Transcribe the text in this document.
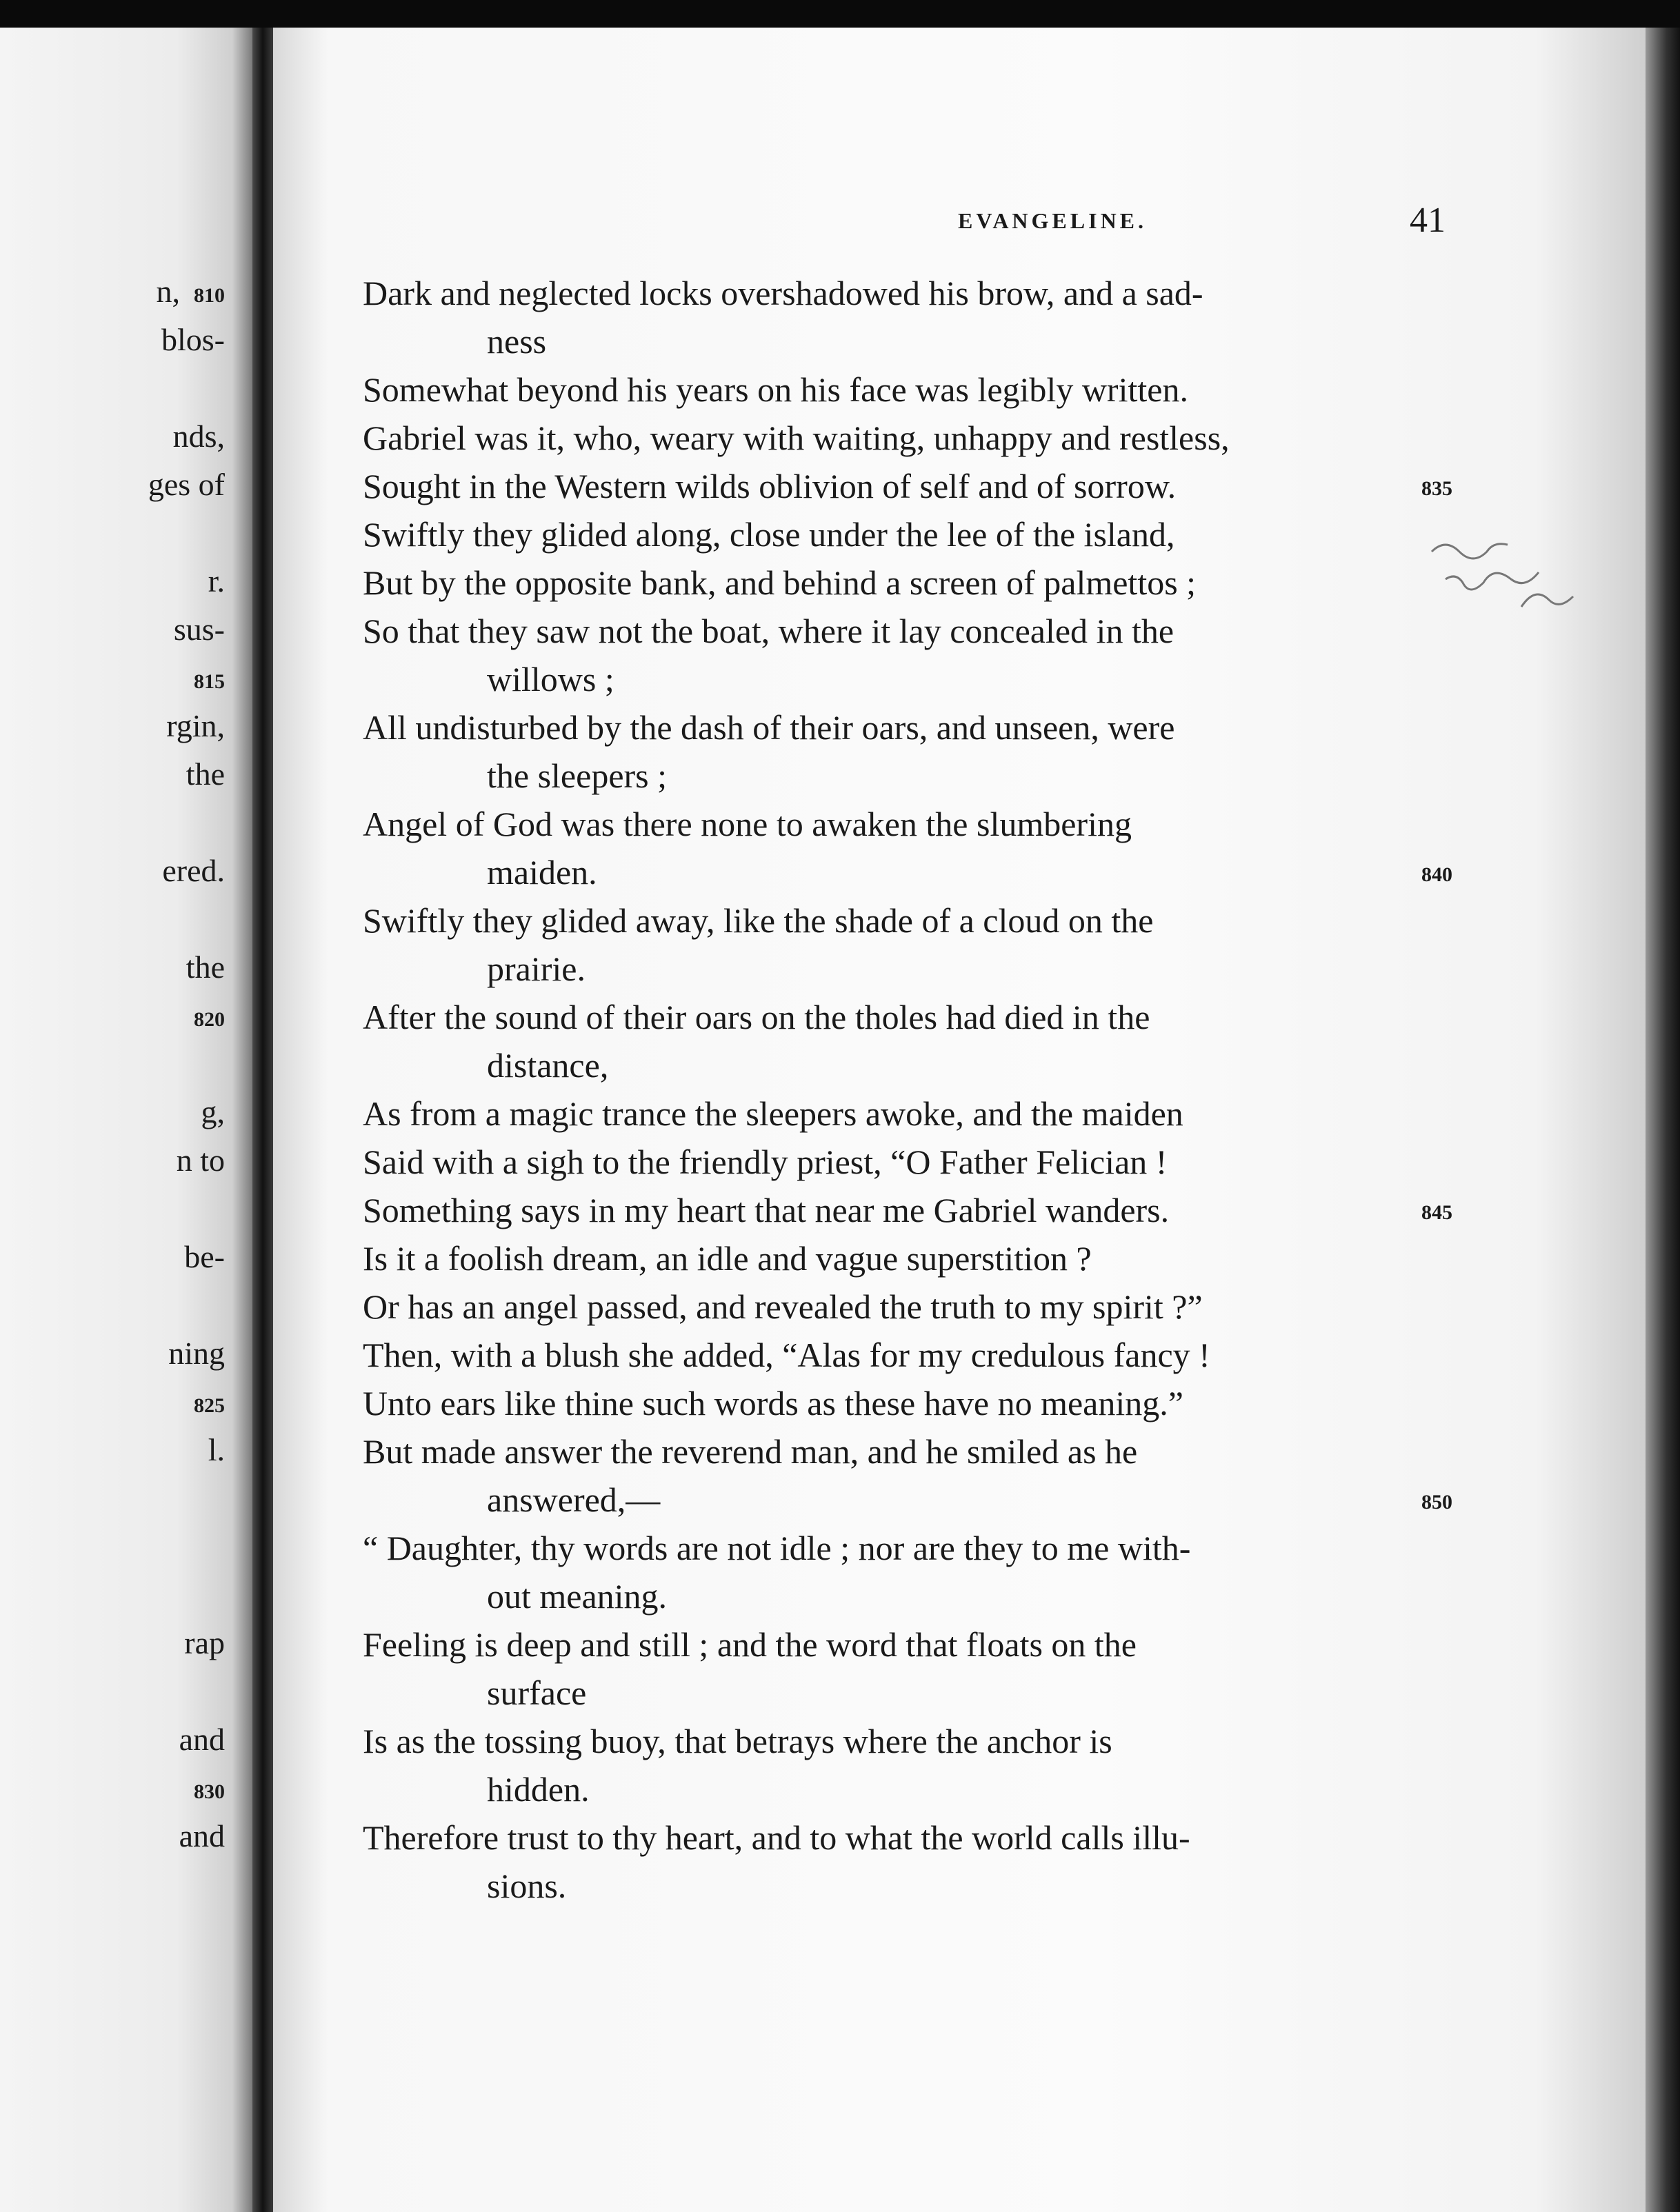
n, 810
blos-
nds,
ges of
r.
sus-
815
rgin,
the
ered.
the
820
g,
n to
be-
ning
825
l.
rap
and
830
and
EVANGELINE.	41
Dark and neglected locks overshadowed his brow, and a sad-
ness
Somewhat beyond his years on his face was legibly written.
Gabriel was it, who, weary with waiting, unhappy and restless,
Sought in the Western wilds oblivion of self and of sorrow.	835
Swiftly they glided along, close under the lee of the island,
But by the opposite bank, and behind a screen of palmettos ;
So that they saw not the boat, where it lay concealed in the
willows ;
All undisturbed by the dash of their oars, and unseen, were
the sleepers ;
Angel of God was there none to awaken the slumbering
maiden.	840
Swiftly they glided away, like the shade of a cloud on the
prairie.
After the sound of their oars on the tholes had died in the
distance,
As from a magic trance the sleepers awoke, and the maiden
Said with a sigh to the friendly priest, “O Father Felician !
Something says in my heart that near me Gabriel wanders.	845
Is it a foolish dream, an idle and vague superstition ?
Or has an angel passed, and revealed the truth to my spirit ?”
Then, with a blush she added, “Alas for my credulous fancy !
Unto ears like thine such words as these have no meaning.”
But made answer the reverend man, and he smiled as he
answered,—	850
“ Daughter, thy words are not idle ; nor are they to me with-
out meaning.
Feeling is deep and still ; and the word that floats on the
surface
Is as the tossing buoy, that betrays where the anchor is
hidden.
Therefore trust to thy heart, and to what the world calls illu-
sions.
species of palm
